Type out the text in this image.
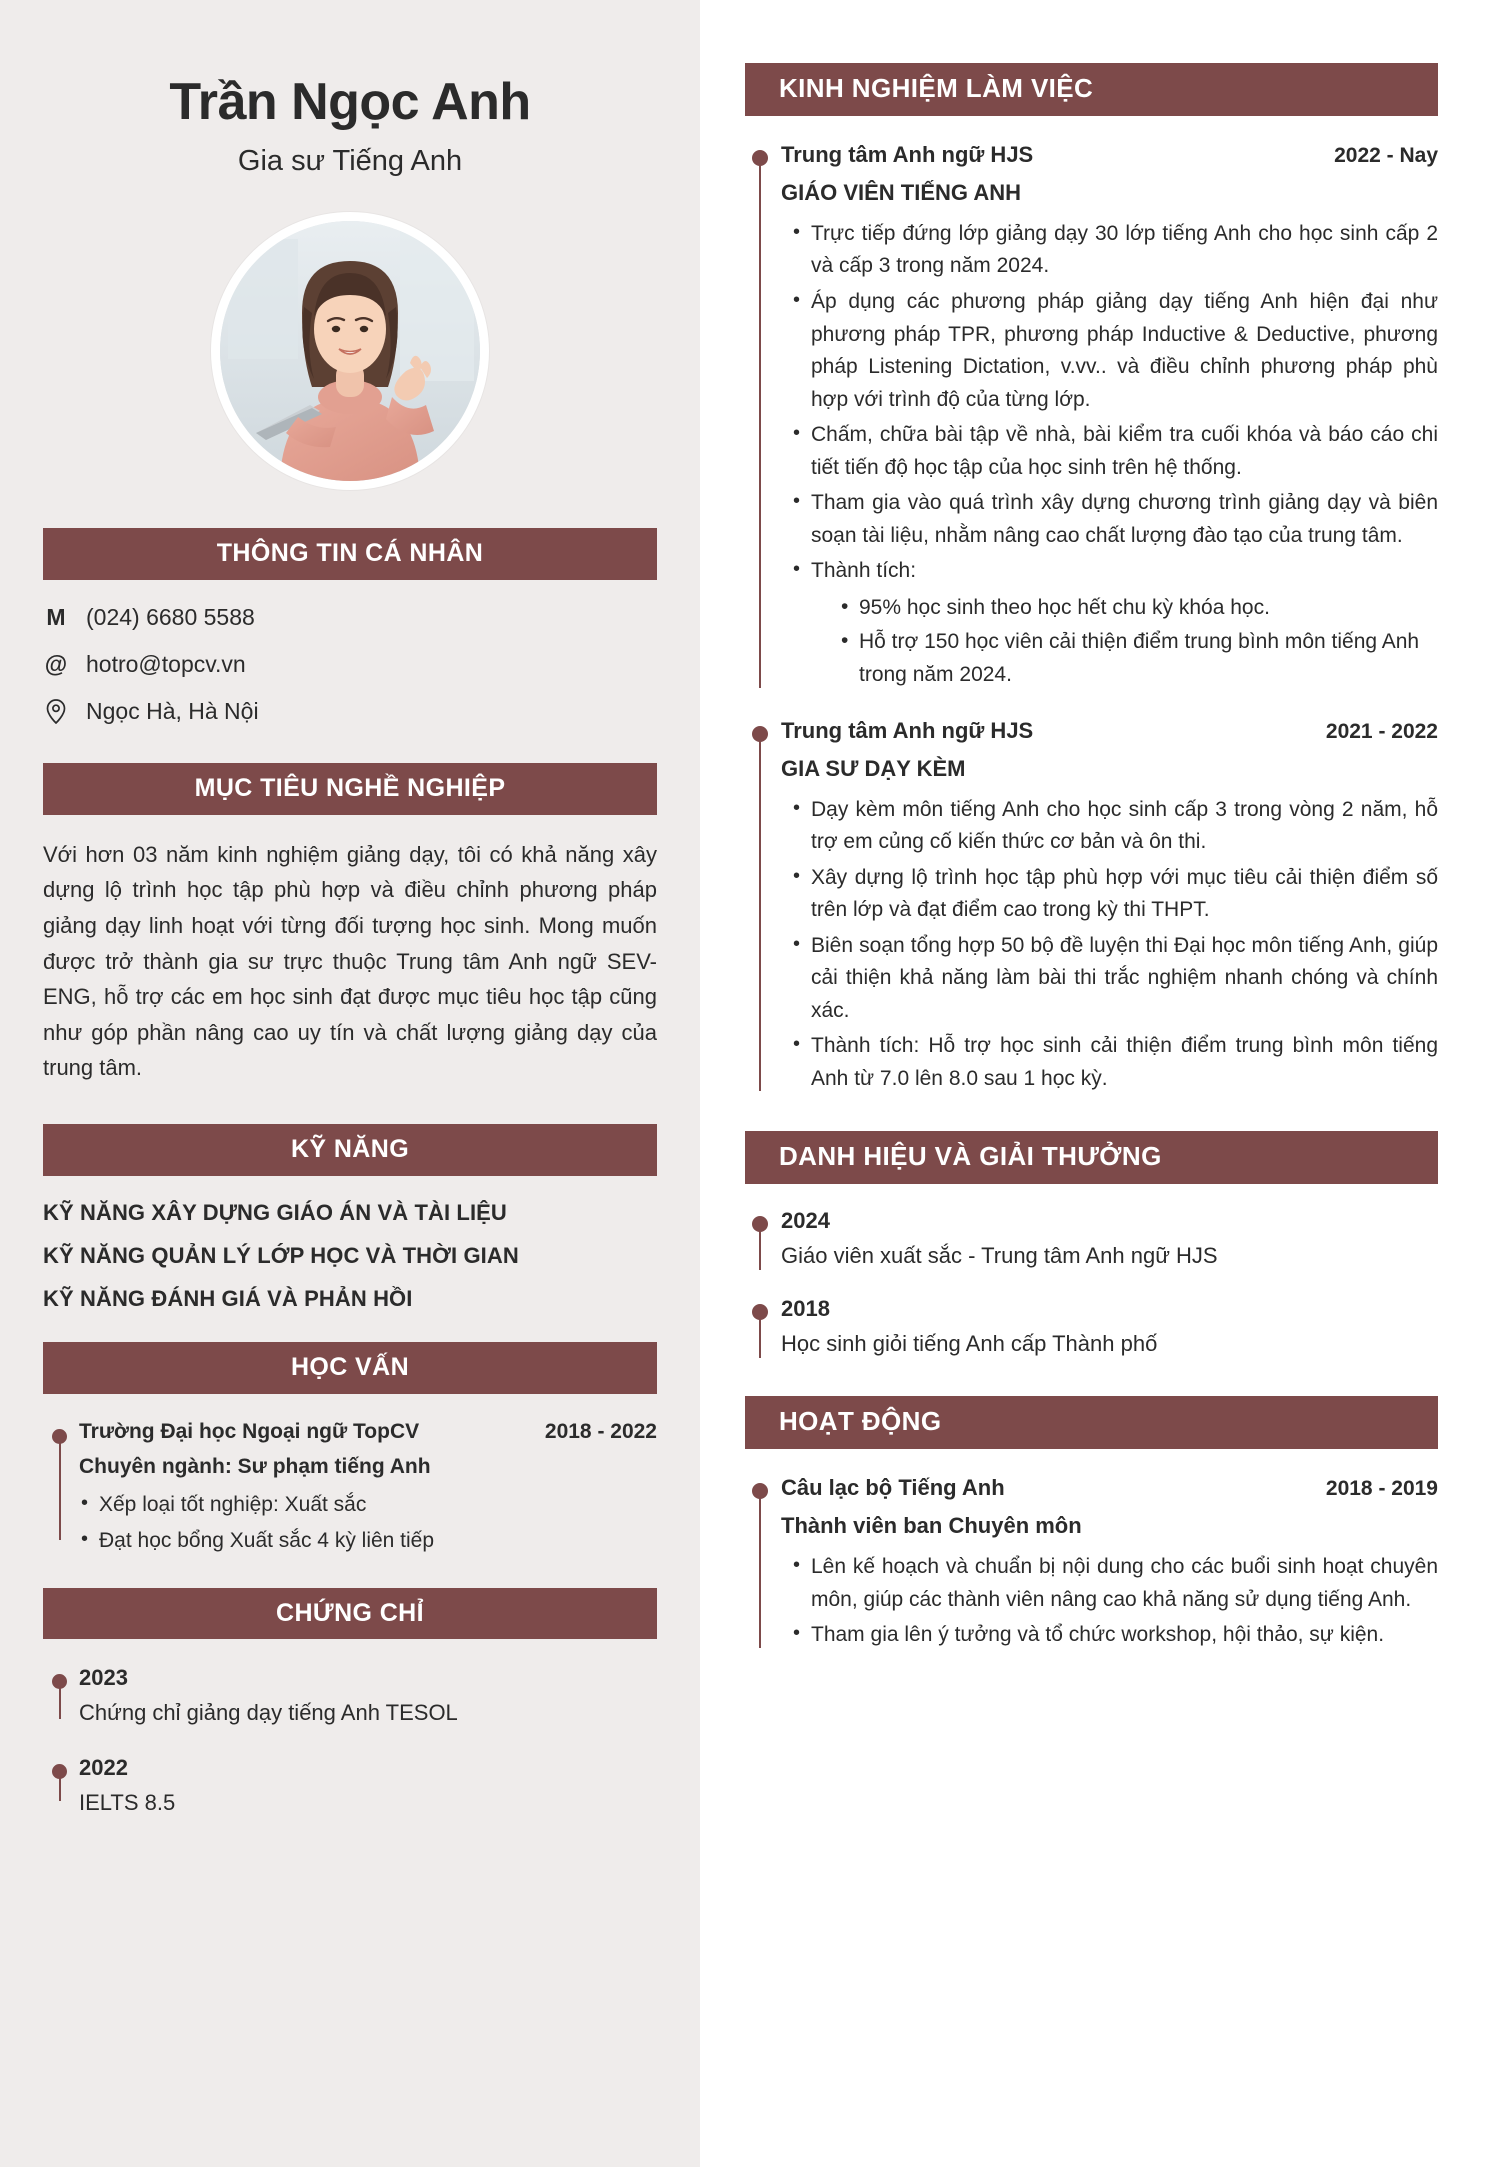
Trần Ngọc Anh
Gia sư Tiếng Anh
THÔNG TIN CÁ NHÂN
M (024) 6680 5588
@ hotro@topcv.vn
Ngọc Hà, Hà Nội
MỤC TIÊU NGHỀ NGHIỆP

Với hơn 03 năm kinh nghiệm giảng dạy, tôi có khả năng xây dựng lộ trình học tập phù hợp và điều chỉnh phương pháp giảng dạy linh hoạt với từng đối tượng học sinh. Mong muốn được trở thành gia sư trực thuộc Trung tâm Anh ngữ SEV-ENG, hỗ trợ các em học sinh đạt được mục tiêu học tập cũng như góp phần nâng cao uy tín và chất lượng giảng dạy của trung tâm.

KỸ NĂNG
KỸ NĂNG XÂY DỰNG GIÁO ÁN VÀ TÀI LIỆU
KỸ NĂNG QUẢN LÝ LỚP HỌC VÀ THỜI GIAN
KỸ NĂNG ĐÁNH GIÁ VÀ PHẢN HỒI
HỌC VẤN
Trường Đại học Ngoại ngữ TopCV	2018 - 2022
Chuyên ngành: Sư phạm tiếng Anh
• Xếp loại tốt nghiệp: Xuất sắc
• Đạt học bổng Xuất sắc 4 kỳ liên tiếp
CHỨNG CHỈ
2023
Chứng chỉ giảng dạy tiếng Anh TESOL
2022
IELTS 8.5
KINH NGHIỆM LÀM VIỆC
Trung tâm Anh ngữ HJS	2022 - Nay
GIÁO VIÊN TIẾNG ANH
• Trực tiếp đứng lớp giảng dạy 30 lớp tiếng Anh cho học sinh cấp 2 và cấp 3 trong năm 2024.
• Áp dụng các phương pháp giảng dạy tiếng Anh hiện đại như phương pháp TPR, phương pháp Inductive & Deductive, phương pháp Listening Dictation, v.vv.. và điều chỉnh phương pháp phù hợp với trình độ của từng lớp.
• Chấm, chữa bài tập về nhà, bài kiểm tra cuối khóa và báo cáo chi tiết tiến độ học tập của học sinh trên hệ thống.
• Tham gia vào quá trình xây dựng chương trình giảng dạy và biên soạn tài liệu, nhằm nâng cao chất lượng đào tạo của trung tâm.
• Thành tích:
• 95% học sinh theo học hết chu kỳ khóa học.
• Hỗ trợ 150 học viên cải thiện điểm trung bình môn tiếng Anh trong năm 2024.
Trung tâm Anh ngữ HJS	2021 - 2022
GIA SƯ DẠY KÈM
• Dạy kèm môn tiếng Anh cho học sinh cấp 3 trong vòng 2 năm, hỗ trợ em củng cố kiến thức cơ bản và ôn thi.
• Xây dựng lộ trình học tập phù hợp với mục tiêu cải thiện điểm số trên lớp và đạt điểm cao trong kỳ thi THPT.
• Biên soạn tổng hợp 50 bộ đề luyện thi Đại học môn tiếng Anh, giúp cải thiện khả năng làm bài thi trắc nghiệm nhanh chóng và chính xác.
• Thành tích: Hỗ trợ học sinh cải thiện điểm trung bình môn tiếng Anh từ 7.0 lên 8.0 sau 1 học kỳ.
DANH HIỆU VÀ GIẢI THƯỞNG
2024
Giáo viên xuất sắc - Trung tâm Anh ngữ HJS
2018
Học sinh giỏi tiếng Anh cấp Thành phố
HOẠT ĐỘNG
Câu lạc bộ Tiếng Anh	2018 - 2019
Thành viên ban Chuyên môn
• Lên kế hoạch và chuẩn bị nội dung cho các buổi sinh hoạt chuyên môn, giúp các thành viên nâng cao khả năng sử dụng tiếng Anh.
• Tham gia lên ý tưởng và tổ chức workshop, hội thảo, sự kiện.
